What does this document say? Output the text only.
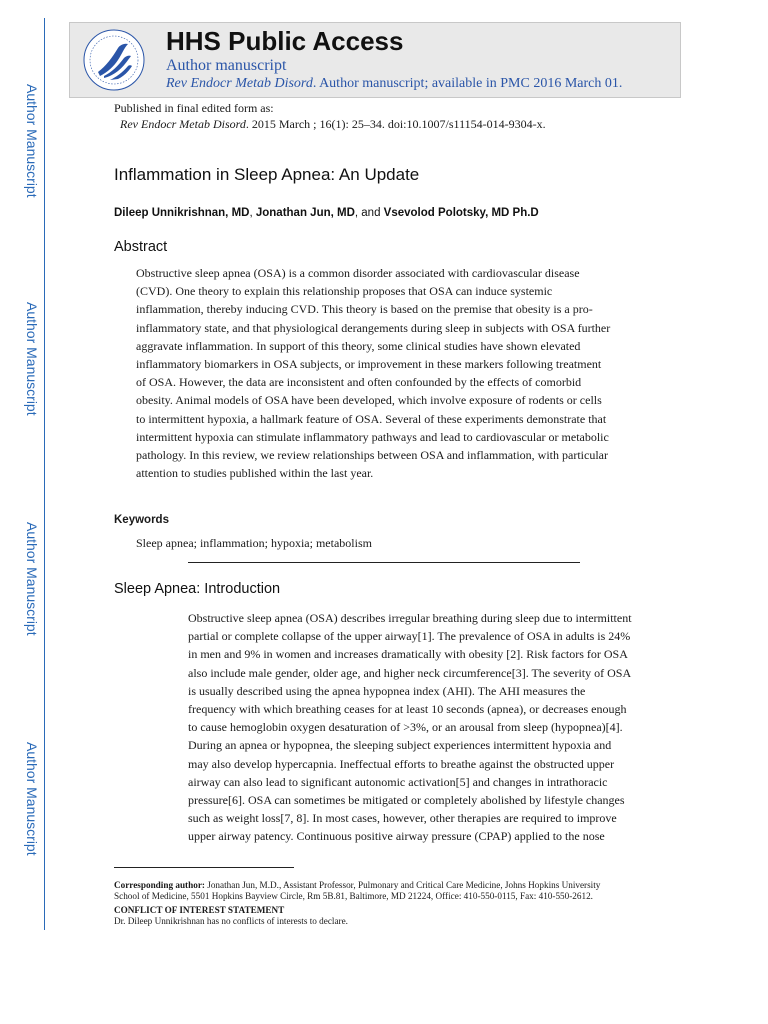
Author Manuscript
Author Manuscript
Author Manuscript
Author Manuscript
HHS Public Access
Author manuscript
Rev Endocr Metab Disord. Author manuscript; available in PMC 2016 March 01.
Published in final edited form as:
Rev Endocr Metab Disord. 2015 March ; 16(1): 25–34. doi:10.1007/s11154-014-9304-x.
Inflammation in Sleep Apnea: An Update
Dileep Unnikrishnan, MD, Jonathan Jun, MD, and Vsevolod Polotsky, MD Ph.D
Abstract
Obstructive sleep apnea (OSA) is a common disorder associated with cardiovascular disease
(CVD). One theory to explain this relationship proposes that OSA can induce systemic
inflammation, thereby inducing CVD. This theory is based on the premise that obesity is a pro-
inflammatory state, and that physiological derangements during sleep in subjects with OSA further
aggravate inflammation. In support of this theory, some clinical studies have shown elevated
inflammatory biomarkers in OSA subjects, or improvement in these markers following treatment
of OSA. However, the data are inconsistent and often confounded by the effects of comorbid
obesity. Animal models of OSA have been developed, which involve exposure of rodents or cells
to intermittent hypoxia, a hallmark feature of OSA. Several of these experiments demonstrate that
intermittent hypoxia can stimulate inflammatory pathways and lead to cardiovascular or metabolic
pathology. In this review, we review relationships between OSA and inflammation, with particular
attention to studies published within the last year.
Keywords
Sleep apnea; inflammation; hypoxia; metabolism
Sleep Apnea: Introduction
Obstructive sleep apnea (OSA) describes irregular breathing during sleep due to intermittent
partial or complete collapse of the upper airway[1]. The prevalence of OSA in adults is 24%
in men and 9% in women and increases dramatically with obesity [2]. Risk factors for OSA
also include male gender, older age, and higher neck circumference[3]. The severity of OSA
is usually described using the apnea hypopnea index (AHI). The AHI measures the
frequency with which breathing ceases for at least 10 seconds (apnea), or decreases enough
to cause hemoglobin oxygen desaturation of >3%, or an arousal from sleep (hypopnea)[4].
During an apnea or hypopnea, the sleeping subject experiences intermittent hypoxia and
may also develop hypercapnia. Ineffectual efforts to breathe against the obstructed upper
airway can also lead to significant autonomic activation[5] and changes in intrathoracic
pressure[6]. OSA can sometimes be mitigated or completely abolished by lifestyle changes
such as weight loss[7, 8]. In most cases, however, other therapies are required to improve
upper airway patency. Continuous positive airway pressure (CPAP) applied to the nose
Corresponding author: Jonathan Jun, M.D., Assistant Professor, Pulmonary and Critical Care Medicine, Johns Hopkins University
School of Medicine, 5501 Hopkins Bayview Circle, Rm 5B.81, Baltimore, MD 21224, Office: 410-550-0115, Fax: 410-550-2612.
CONFLICT OF INTEREST STATEMENT
Dr. Dileep Unnikrishnan has no conflicts of interests to declare.
